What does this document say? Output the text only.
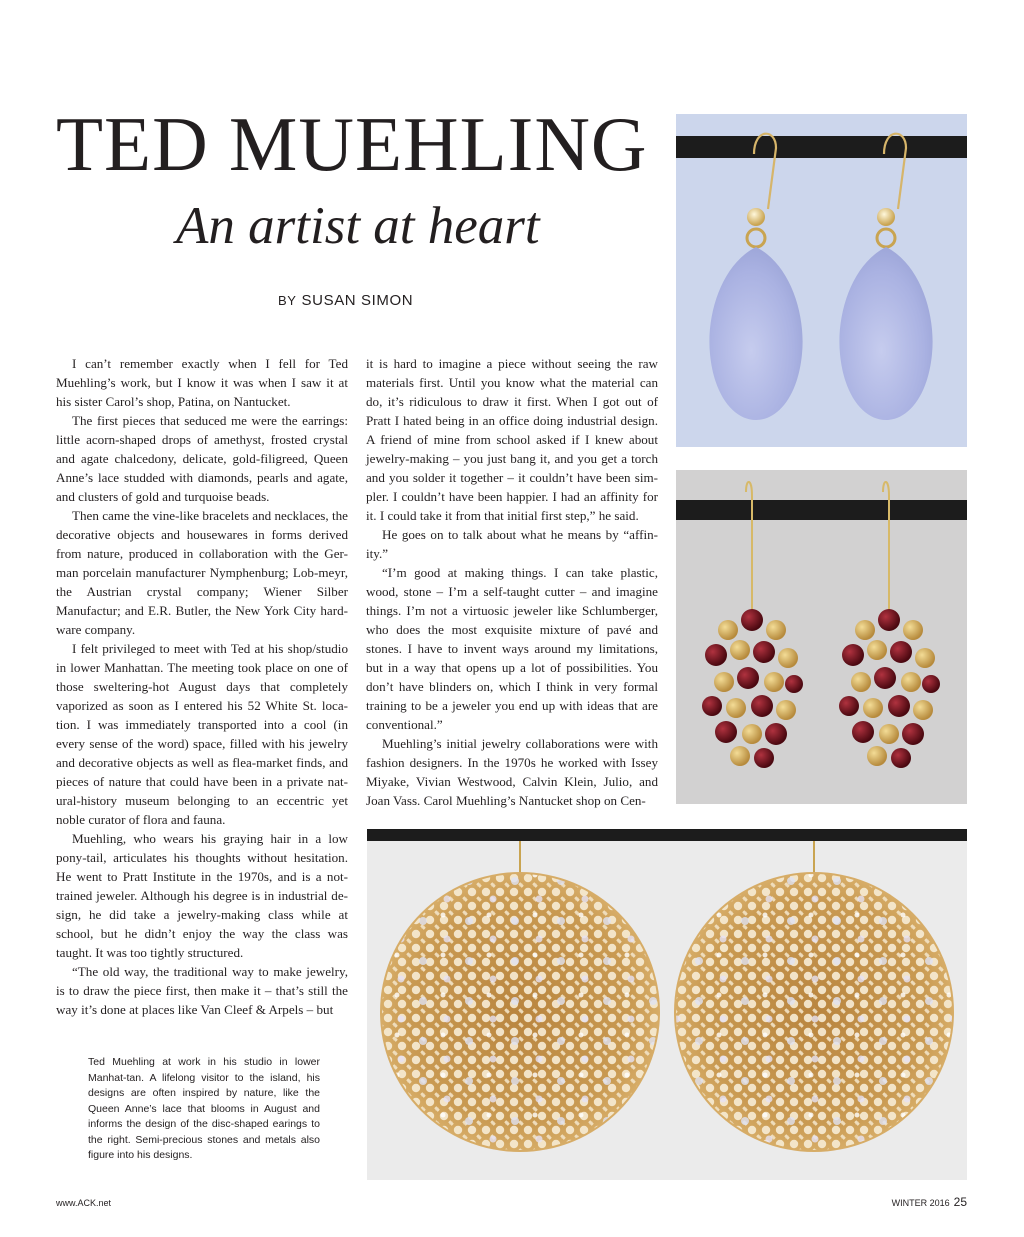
TED MUEHLING
An artist at heart
BY SUSAN SIMON

I can’t remember exactly when I fell for Ted Muehling’s work, but I know it was when I saw it at his sister Carol’s shop, Patina, on Nantucket.

The first pieces that seduced me were the earrings: little acorn-shaped drops of amethyst, frosted crystal and agate chalcedony, delicate, gold-filigreed, Queen Anne’s lace studded with diamonds, pearls and agate, and clusters of gold and turquoise beads.

Then came the vine-like bracelets and necklaces, the decorative objects and housewares in forms derived from nature, produced in collaboration with the Ger-man porcelain manufacturer Nymphenburg; Lob-meyr, the Austrian crystal company; Wiener Silber Manufactur; and E.R. Butler, the New York City hard-ware company.

I felt privileged to meet with Ted at his shop/studio in lower Manhattan. The meeting took place on one of those sweltering-hot August days that completely vaporized as soon as I entered his 52 White St. loca-tion. I was immediately transported into a cool (in every sense of the word) space, filled with his jewelry and decorative objects as well as flea-market finds, and pieces of nature that could have been in a private nat-ural-history museum belonging to an eccentric yet noble curator of flora and fauna.

Muehling, who wears his graying hair in a low pony-tail, articulates his thoughts without hesitation. He went to Pratt Institute in the 1970s, and is a not-trained jeweler. Although his degree is in industrial de-sign, he did take a jewelry-making class while at school, but he didn’t enjoy the way the class was taught. It was too tightly structured.

“The old way, the traditional way to make jewelry, is to draw the piece first, then make it – that’s still the way it’s done at places like Van Cleef & Arpels – but

it is hard to imagine a piece without seeing the raw materials first. Until you know what the material can do, it’s ridiculous to draw it first. When I got out of Pratt I hated being in an office doing industrial design. A friend of mine from school asked if I knew about jewelry-making – you just bang it, and you get a torch and you solder it together – it couldn’t have been sim-pler. I couldn’t have been happier. I had an affinity for it. I could take it from that initial first step,” he said.

He goes on to talk about what he means by “affin-ity.”

“I’m good at making things. I can take plastic, wood, stone – I’m a self-taught cutter – and imagine things. I’m not a virtuosic jeweler like Schlumberger, who does the most exquisite mixture of pavé and stones. I have to invent ways around my limitations, but in a way that opens up a lot of possibilities. You don’t have blinders on, which I think in very formal training to be a jeweler you end up with ideas that are conventional.”

Muehling’s initial jewelry collaborations were with fashion designers. In the 1970s he worked with Issey Miyake, Vivian Westwood, Calvin Klein, Julio, and Joan Vass. Carol Muehling’s Nantucket shop on Cen-

Ted Muehling at work in his studio in lower Manhat-tan. A lifelong visitor to the island, his designs are often inspired by nature, like the Queen Anne’s lace that blooms in August and informs the design of the disc-shaped earings to the right. Semi-precious stones and metals also figure into his designs.
www.ACK.net	WINTER 2016 25
